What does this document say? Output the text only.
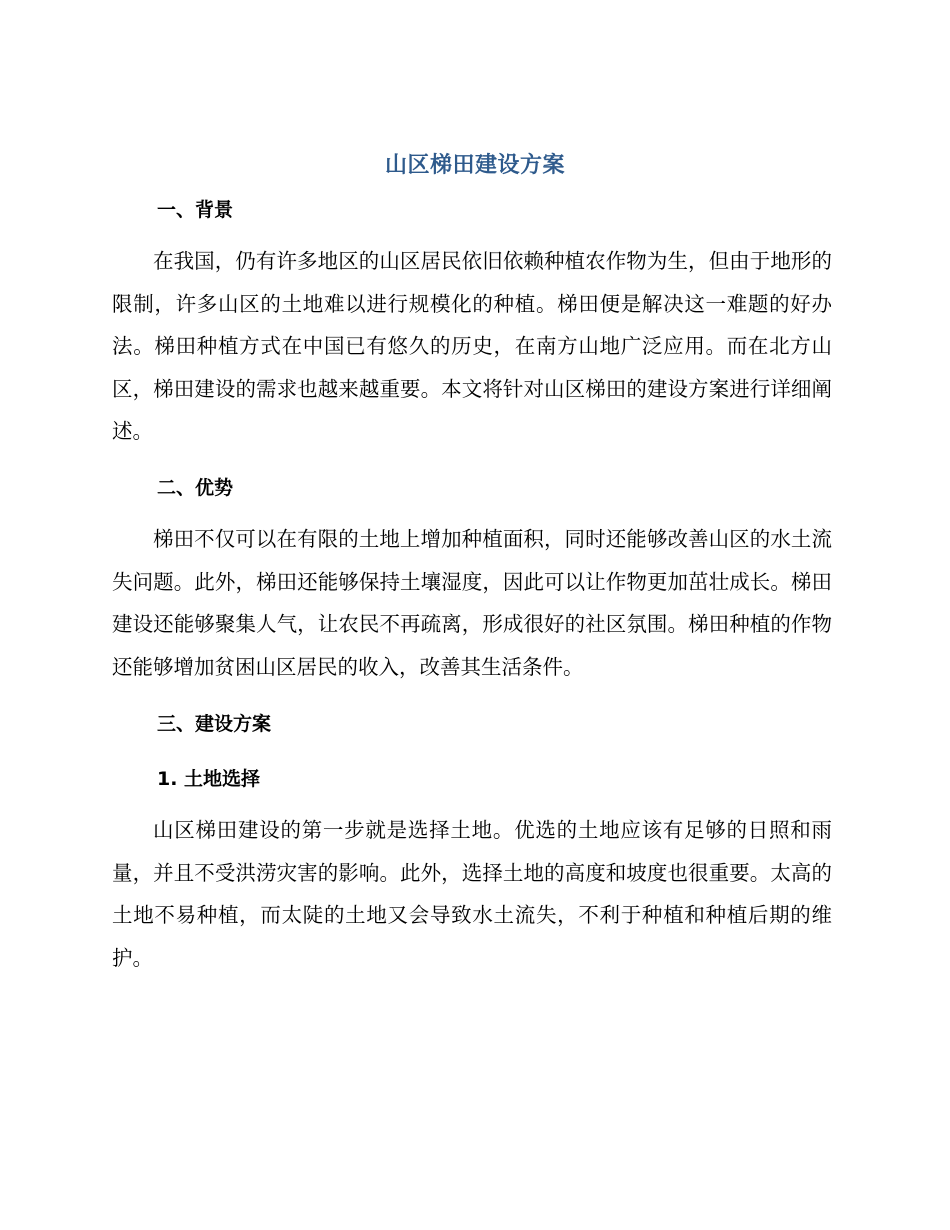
山区梯田建设方案
一、背景
在我国，仍有许多地区的山区居民依旧依赖种植农作物为生，但由于地形的限制，许多山区的土地难以进行规模化的种植。梯田便是解决这一难题的好办法。梯田种植方式在中国已有悠久的历史，在南方山地广泛应用。而在北方山区，梯田建设的需求也越来越重要。本文将针对山区梯田的建设方案进行详细阐述。
二、优势
梯田不仅可以在有限的土地上增加种植面积，同时还能够改善山区的水土流失问题。此外，梯田还能够保持土壤湿度，因此可以让作物更加茁壮成长。梯田建设还能够聚集人气，让农民不再疏离，形成很好的社区氛围。梯田种植的作物还能够增加贫困山区居民的收入，改善其生活条件。
三、建设方案
1. 土地选择
山区梯田建设的第一步就是选择土地。优选的土地应该有足够的日照和雨量，并且不受洪涝灾害的影响。此外，选择土地的高度和坡度也很重要。太高的土地不易种植，而太陡的土地又会导致水土流失，不利于种植和种植后期的维护。
